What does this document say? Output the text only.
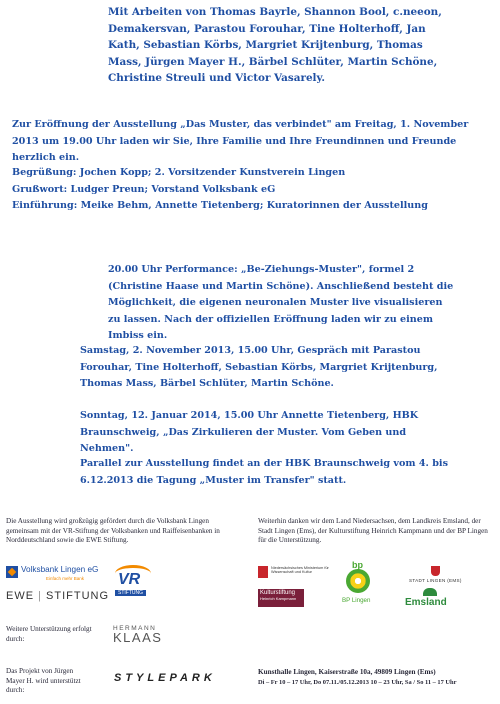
Mit Arbeiten von Thomas Bayrle, Shannon Bool, c.neeon, Demakersvan, Parastou Forouhar, Tine Holterhoff, Jan Kath, Sebastian Körbs, Margriet Krijtenburg, Thomas Mass, Jürgen Mayer H., Bärbel Schlüter, Martin Schöne, Christine Streuli und Victor Vasarely.

Zur Eröffnung der Ausstellung „Das Muster, das verbindet" am Freitag, 1. November 2013 um 19.00 Uhr laden wir Sie, Ihre Familie und Ihre Freundinnen und Freunde herzlich ein.

Begrüßung: Jochen Kopp; 2. Vorsitzender Kunstverein Lingen

Grußwort: Ludger Preun; Vorstand Volksbank eG

Einführung: Meike Behm, Annette Tietenberg; Kuratorinnen der Ausstellung

20.00 Uhr Performance: „Be-Ziehungs-Muster", formel 2 (Christine Haase und Martin Schöne). Anschließend besteht die Möglichkeit, die eigenen neuronalen Muster live visualisieren zu lassen. Nach der offiziellen Eröffnung laden wir zu einem Imbiss ein.

Samstag, 2. November 2013, 15.00 Uhr, Gespräch mit Parastou Forouhar, Tine Holterhoff, Sebastian Körbs, Margriet Krijtenburg, Thomas Mass, Bärbel Schlüter, Martin Schöne.

Sonntag, 12. Januar 2014, 15.00 Uhr Annette Tietenberg, HBK Braunschweig, „Das Zirkulieren der Muster. Vom Geben und Nehmen".

Parallel zur Ausstellung findet an der HBK Braunschweig vom 4. bis 6.12.2013 die Tagung „Muster im Transfer" statt.

Die Ausstellung wird großzügig gefördert durch die Volksbank Lingen gemeinsam mit der VR-Stiftung der Volksbanken und Raiffeisenbanken in Norddeutschland sowie die EWE Stiftung.

Weiterhin danken wir dem Land Niedersachsen, dem Landkreis Emsland, der Stadt Lingen (Ems), der Kulturstiftung Heinrich Kampmann und der BP Lingen für die Unterstützung.

Weitere Unterstützung erfolgt durch:

Das Projekt von Jürgen Mayer H. wird unterstützt durch:

Kunsthalle Lingen, Kaiserstraße 10a, 49809 Lingen (Ems)

Di – Fr 10 – 17 Uhr, Do 07.11./05.12.2013 10 – 23 Uhr, Sa / So 11 – 17 Uhr

Volksbank Lingen eG
Einfach mehr Bank VR
STIFTUNG
EWE | STIFTUNG
HERMANN
KLAAS
STYLEPARK
Niedersächsisches Ministerium für Wissenschaft und Kultur
bp
BP Lingen
STADT LINGEN (EMS)
Kulturstiftung
Heinrich Kampmann	Emsland
